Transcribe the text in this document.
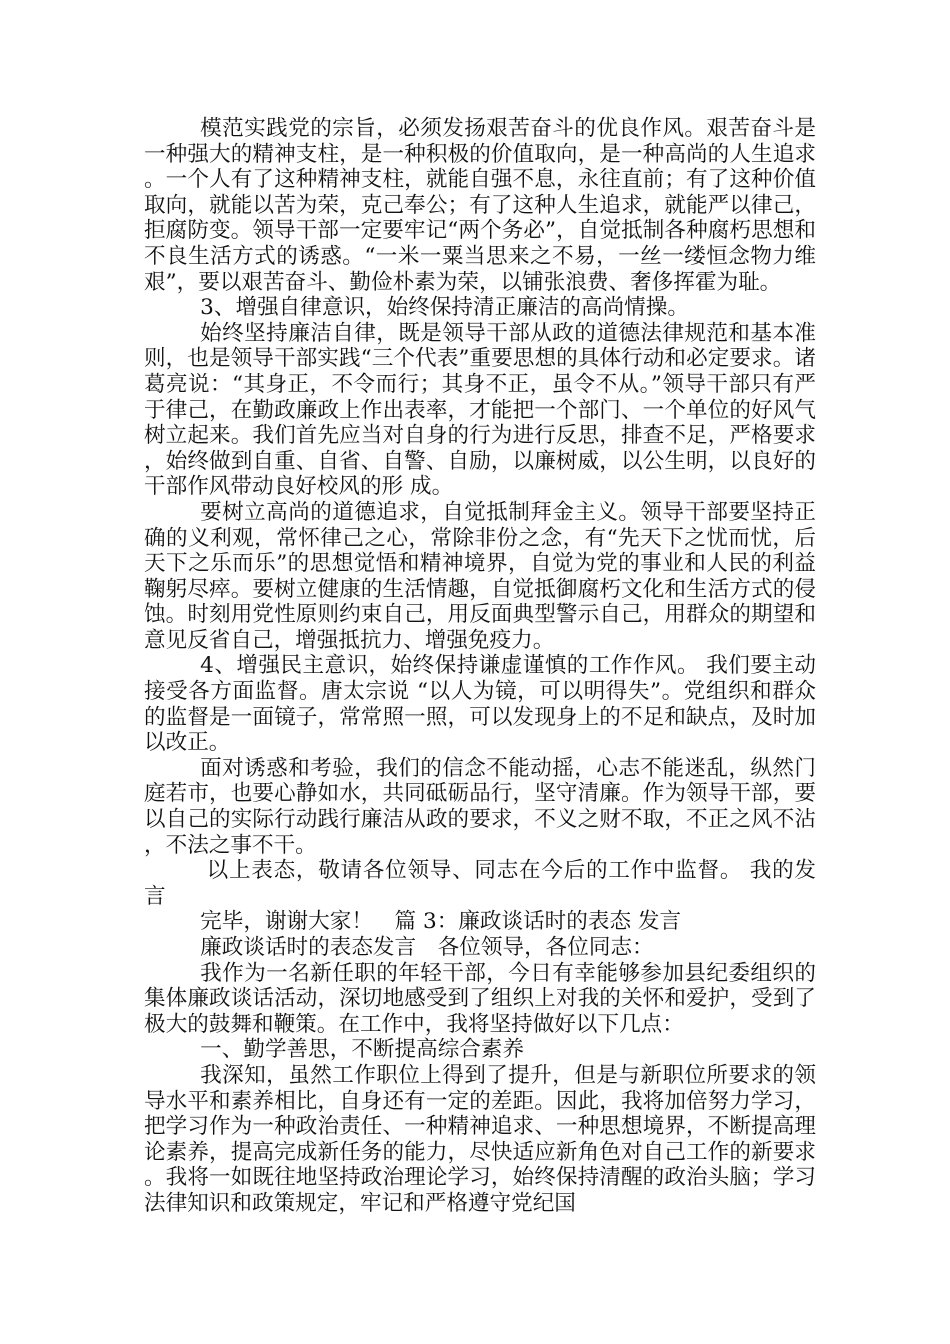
模范实践党的宗旨，必须发扬艰苦奋斗的优良作风。艰苦奋斗是一种强大的精神支柱，是一种积极的价值取向，是一种高尚的人生追求。一个人有了这种精神支柱，就能自强不息，永往直前；有了这种价值取向，就能以苦为荣，克己奉公；有了这种人生追求，就能严以律己，拒腐防变。领导干部一定要牢记“两个务必”，自觉抵制各种腐朽思想和不良生活方式的诱惑。“一米一粟当思来之不易，一丝一缕恒念物力维艰”，要以艰苦奋斗、勤俭朴素为荣，以铺张浪费、奢侈挥霍为耻。

3、增强自律意识，始终保持清正廉洁的高尚情操。

始终坚持廉洁自律，既是领导干部从政的道德法律规范和基本准则，也是领导干部实践“三个代表”重要思想的具体行动和必定要求。诸葛亮说：“其身正，不令而行；其身不正，虽令不从。”领导干部只有严于律己，在勤政廉政上作出表率，才能把一个部门、一个单位的好风气树立起来。我们首先应当对自身的行为进行反思，排查不足，严格要求，始终做到自重、自省、自警、自励，以廉树威，以公生明，以良好的干部作风带动良好校风的形 成。

要树立高尚的道德追求，自觉抵制拜金主义。领导干部要坚持正确的义利观，常怀律己之心，常除非份之念，有“先天下之忧而忧，后天下之乐而乐”的思想觉悟和精神境界，自觉为党的事业和人民的利益鞠躬尽瘁。要树立健康的生活情趣，自觉抵御腐朽文化和生活方式的侵蚀。时刻用党性原则约束自己，用反面典型警示自己，用群众的期望和意见反省自己，增强抵抗力、增强免疫力。

4、增强民主意识，始终保持谦虚谨慎的工作作风。 我们要主动接受各方面监督。唐太宗说 “以人为镜，可以明得失”。党组织和群众的监督是一面镜子，常常照一照，可以发现身上的不足和缺点，及时加以改正。

面对诱惑和考验，我们的信念不能动摇，心志不能迷乱，纵然门庭若市，也要心静如水，共同砥砺品行，坚守清廉。作为领导干部，要以自己的实际行动践行廉洁从政的要求，不义之财不取，不正之风不沾，不法之事不干。

以上表态，敬请各位领导、同志在今后的工作中监督。 我的发言

完毕，谢谢大家！　篇 3：廉政谈话时的表态 发言

廉政谈话时的表态发言　各位领导，各位同志：

我作为一名新任职的年轻干部，今日有幸能够参加县纪委组织的集体廉政谈话活动，深切地感受到了组织上对我的关怀和爱护，受到了极大的鼓舞和鞭策。在工作中，我将坚持做好以下几点：

一、勤学善思，不断提高综合素养

我深知，虽然工作职位上得到了提升，但是与新职位所要求的领导水平和素养相比，自身还有一定的差距。因此，我将加倍努力学习，把学习作为一种政治责任、一种精神追求、一种思想境界，不断提高理论素养，提高完成新任务的能力，尽快适应新角色对自己工作的新要求。我将一如既往地坚持政治理论学习，始终保持清醒的政治头脑；学习法律知识和政策规定，牢记和严格遵守党纪国
